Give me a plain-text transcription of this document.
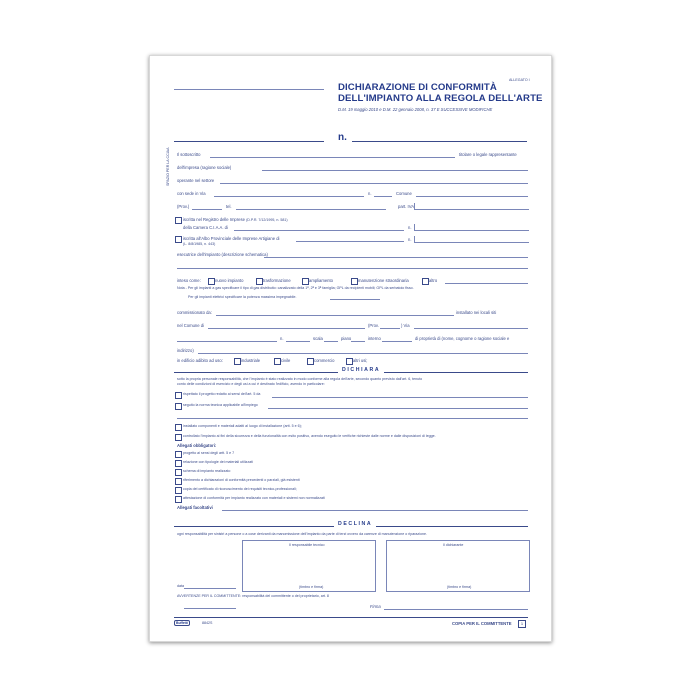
DICHIARAZIONE DI CONFORMITÀ
DELL'IMPIANTO ALLA REGOLA DELL'ARTE
ALLEGATO I
D.M. 19 maggio 2010 e D.M. 22 gennaio 2008, n. 37 E SUCCESSIVE MODIFICHE
n.
SPAZIO PER LA CCIAA Il sottoscritto	titolare o legale rappresentante
dell'impresa (ragione sociale)
operante nel settore
con sede in Via	n.	Comune
(Prov.)	tel.	part. IVA
iscritta nel Registro delle Imprese (D.P.R. 7/12/1995, n. 581)
della Camera C.I.A.A. di	n.
iscritta all'Albo Provinciale delle Imprese Artigiane di
(L. 8/8/1985, n. 443)
n.
esecutrice dell'impianto (descrizione schematica)
inteso come:	nuovo impianto	trasformazione	ampliamento	manutenzione straordinaria	altro
Nota - Per gli impianti a gas specificare il tipo di gas distribuito: canalizzato della 1ª, 2ª e 3ª famiglia; GPL da recipienti mobili; GPL da serbatoio fisso.
Per gli impianti elettrici specificare la potenza massima impegnabile.
commissionato da:	installato nei locali siti
nel Comune di	(Prov.	) Via
n.	scala	piano	interno	di proprietà di (nome, cognome o ragione sociale e
indirizzo)
in edificio adibito ad uso:	industriale	civile	commercio	altri usi;
DICHIARA
sotto la propria personale responsabilità, che l'impianto è stato realizzato in modo conforme alla regola dell'arte, secondo quanto previsto dall'art. 6, tenuto
conto delle condizioni di esercizio e degli usi a cui è destinato l'edificio, avendo in particolare:
rispettato il progetto redatto ai sensi dell'art. 5 da
seguito la norma tecnica applicabile all'impiego
installato componenti e materiali adatti al luogo di installazione (artt. 5 e 6);
controllato l'impianto ai fini della sicurezza e della funzionalità con esito positivo, avendo eseguito le verifiche richieste dalle norme e dalle disposizioni di legge.
Allegati obbligatori:
progetto ai sensi degli artt. 5 e 7
relazione con tipologie dei materiali utilizzati
schema di impianto realizzato
riferimento a dichiarazioni di conformità precedenti o parziali, già esistenti
copia del certificato di riconoscimento dei requisiti tecnico-professionali;
attestazione di conformità per impianto realizzato con materiali e sistemi non normalizzati
Allegati facoltativi
DECLINA
ogni responsabilità per sinistri a persone o a cose derivanti da manomissione dell'impianto da parte di terzi ovvero da carenze di manutenzione o riparazione.
Il responsabile tecnico
(timbro e firma)
Il dichiarante
(timbro e firma)
data
AVVERTENZE PER IL COMMITTENTE: responsabilità del committente o del proprietario, art. 8
Firma
Buffetti	8842S	COPIA PER IL COMMITTENTE	1
